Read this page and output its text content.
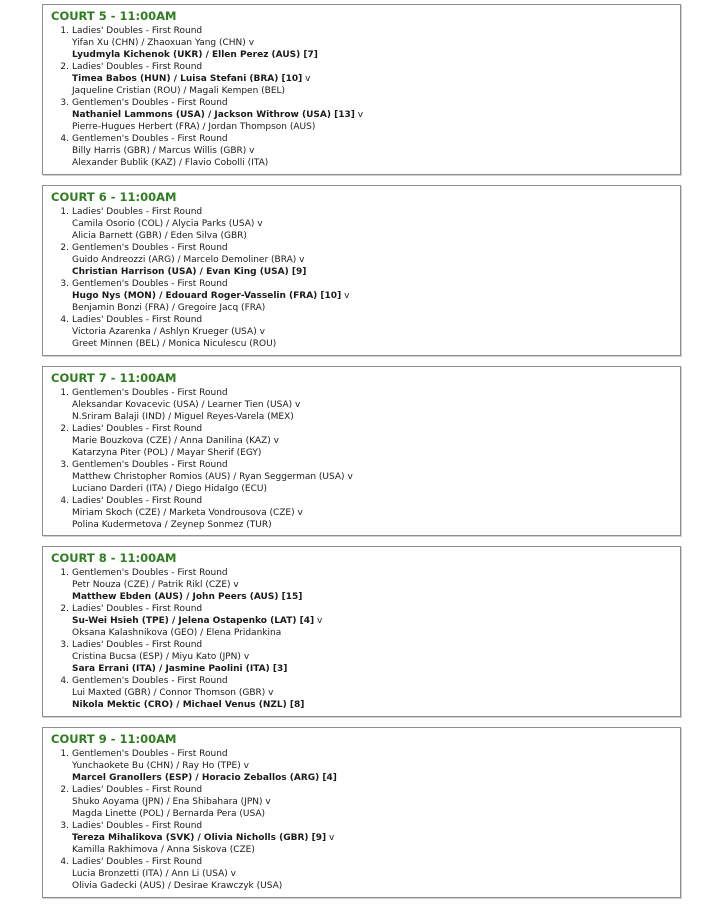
COURT 5 - 11:00AM
1. Ladies' Doubles - First Round
Yifan Xu (CHN) / Zhaoxuan Yang (CHN) v
Lyudmyla Kichenok (UKR) / Ellen Perez (AUS) [7]
2. Ladies' Doubles - First Round
Timea Babos (HUN) / Luisa Stefani (BRA) [10] v
Jaqueline Cristian (ROU) / Magali Kempen (BEL)
3. Gentlemen's Doubles - First Round
Nathaniel Lammons (USA) / Jackson Withrow (USA) [13] v
Pierre-Hugues Herbert (FRA) / Jordan Thompson (AUS)
4. Gentlemen's Doubles - First Round
Billy Harris (GBR) / Marcus Willis (GBR) v
Alexander Bublik (KAZ) / Flavio Cobolli (ITA)
COURT 6 - 11:00AM
1. Ladies' Doubles - First Round
Camila Osorio (COL) / Alycia Parks (USA) v
Alicia Barnett (GBR) / Eden Silva (GBR)
2. Gentlemen's Doubles - First Round
Guido Andreozzi (ARG) / Marcelo Demoliner (BRA) v
Christian Harrison (USA) / Evan King (USA) [9]
3. Gentlemen's Doubles - First Round
Hugo Nys (MON) / Edouard Roger-Vasselin (FRA) [10] v
Benjamin Bonzi (FRA) / Gregoire Jacq (FRA)
4. Ladies' Doubles - First Round
Victoria Azarenka / Ashlyn Krueger (USA) v
Greet Minnen (BEL) / Monica Niculescu (ROU)
COURT 7 - 11:00AM
1. Gentlemen's Doubles - First Round
Aleksandar Kovacevic (USA) / Learner Tien (USA) v
N.Sriram Balaji (IND) / Miguel Reyes-Varela (MEX)
2. Ladies' Doubles - First Round
Marie Bouzkova (CZE) / Anna Danilina (KAZ) v
Katarzyna Piter (POL) / Mayar Sherif (EGY)
3. Gentlemen's Doubles - First Round
Matthew Christopher Romios (AUS) / Ryan Seggerman (USA) v
Luciano Darderi (ITA) / Diego Hidalgo (ECU)
4. Ladies' Doubles - First Round
Miriam Skoch (CZE) / Marketa Vondrousova (CZE) v
Polina Kudermetova / Zeynep Sonmez (TUR)
COURT 8 - 11:00AM
1. Gentlemen's Doubles - First Round
Petr Nouza (CZE) / Patrik Rikl (CZE) v
Matthew Ebden (AUS) / John Peers (AUS) [15]
2. Ladies' Doubles - First Round
Su-Wei Hsieh (TPE) / Jelena Ostapenko (LAT) [4] v
Oksana Kalashnikova (GEO) / Elena Pridankina
3. Ladies' Doubles - First Round
Cristina Bucsa (ESP) / Miyu Kato (JPN) v
Sara Errani (ITA) / Jasmine Paolini (ITA) [3]
4. Gentlemen's Doubles - First Round
Lui Maxted (GBR) / Connor Thomson (GBR) v
Nikola Mektic (CRO) / Michael Venus (NZL) [8]
COURT 9 - 11:00AM
1. Gentlemen's Doubles - First Round
Yunchaokete Bu (CHN) / Ray Ho (TPE) v
Marcel Granollers (ESP) / Horacio Zeballos (ARG) [4]
2. Ladies' Doubles - First Round
Shuko Aoyama (JPN) / Ena Shibahara (JPN) v
Magda Linette (POL) / Bernarda Pera (USA)
3. Ladies' Doubles - First Round
Tereza Mihalikova (SVK) / Olivia Nicholls (GBR) [9] v
Kamilla Rakhimova / Anna Siskova (CZE)
4. Ladies' Doubles - First Round
Lucia Bronzetti (ITA) / Ann Li (USA) v
Olivia Gadecki (AUS) / Desirae Krawczyk (USA)
